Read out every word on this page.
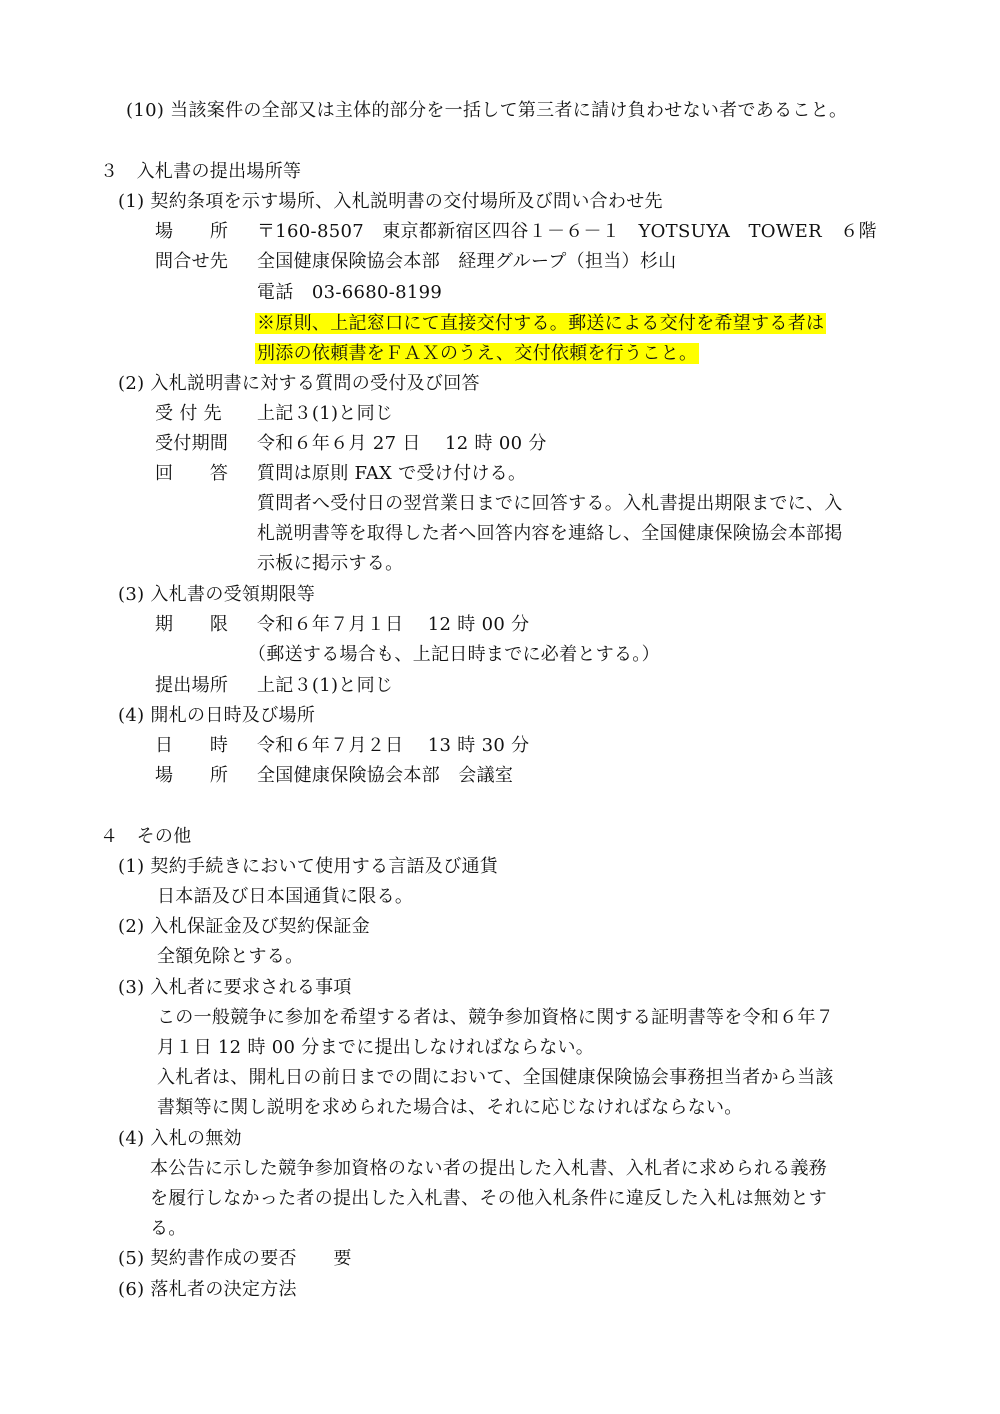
(10) 当該案件の全部又は主体的部分を一括して第三者に請け負わせない者であること。
３　入札書の提出場所等
(1) 契約条項を示す場所、入札説明書の交付場所及び問い合わせ先
場　　所 〒160-8507　東京都新宿区四谷１－６－１　YOTSUYA　TOWER　６階
問合せ先 全国健康保険協会本部　経理グループ（担当）杉山
電話　03-6680-8199
※原則、上記窓口にて直接交付する。郵送による交付を希望する者は
別添の依頼書をＦＡＸのうえ、交付依頼を行うこと。
(2) 入札説明書に対する質問の受付及び回答
受 付 先 上記３(1)と同じ
受付期間 令和６年６月 27 日　 12 時 00 分
回　　答 質問は原則 FAX で受け付ける。
質問者へ受付日の翌営業日までに回答する。入札書提出期限までに、入
札説明書等を取得した者へ回答内容を連絡し、全国健康保険協会本部掲
示板に掲示する。
(3) 入札書の受領期限等
期　　限 令和６年７月１日　 12 時 00 分
（郵送する場合も、上記日時までに必着とする。）
提出場所 上記３(1)と同じ
(4) 開札の日時及び場所
日　　時 令和６年７月２日　 13 時 30 分
場　　所 全国健康保険協会本部　会議室
４　その他
(1) 契約手続きにおいて使用する言語及び通貨
日本語及び日本国通貨に限る。
(2) 入札保証金及び契約保証金
全額免除とする。
(3) 入札者に要求される事項
この一般競争に参加を希望する者は、競争参加資格に関する証明書等を令和６年７
月１日 12 時 00 分までに提出しなければならない。
入札者は、開札日の前日までの間において、全国健康保険協会事務担当者から当該
書類等に関し説明を求められた場合は、それに応じなければならない。
(4) 入札の無効
本公告に示した競争参加資格のない者の提出した入札書、入札者に求められる義務
を履行しなかった者の提出した入札書、その他入札条件に違反した入札は無効とす
る。
(5) 契約書作成の要否　　要
(6) 落札者の決定方法
